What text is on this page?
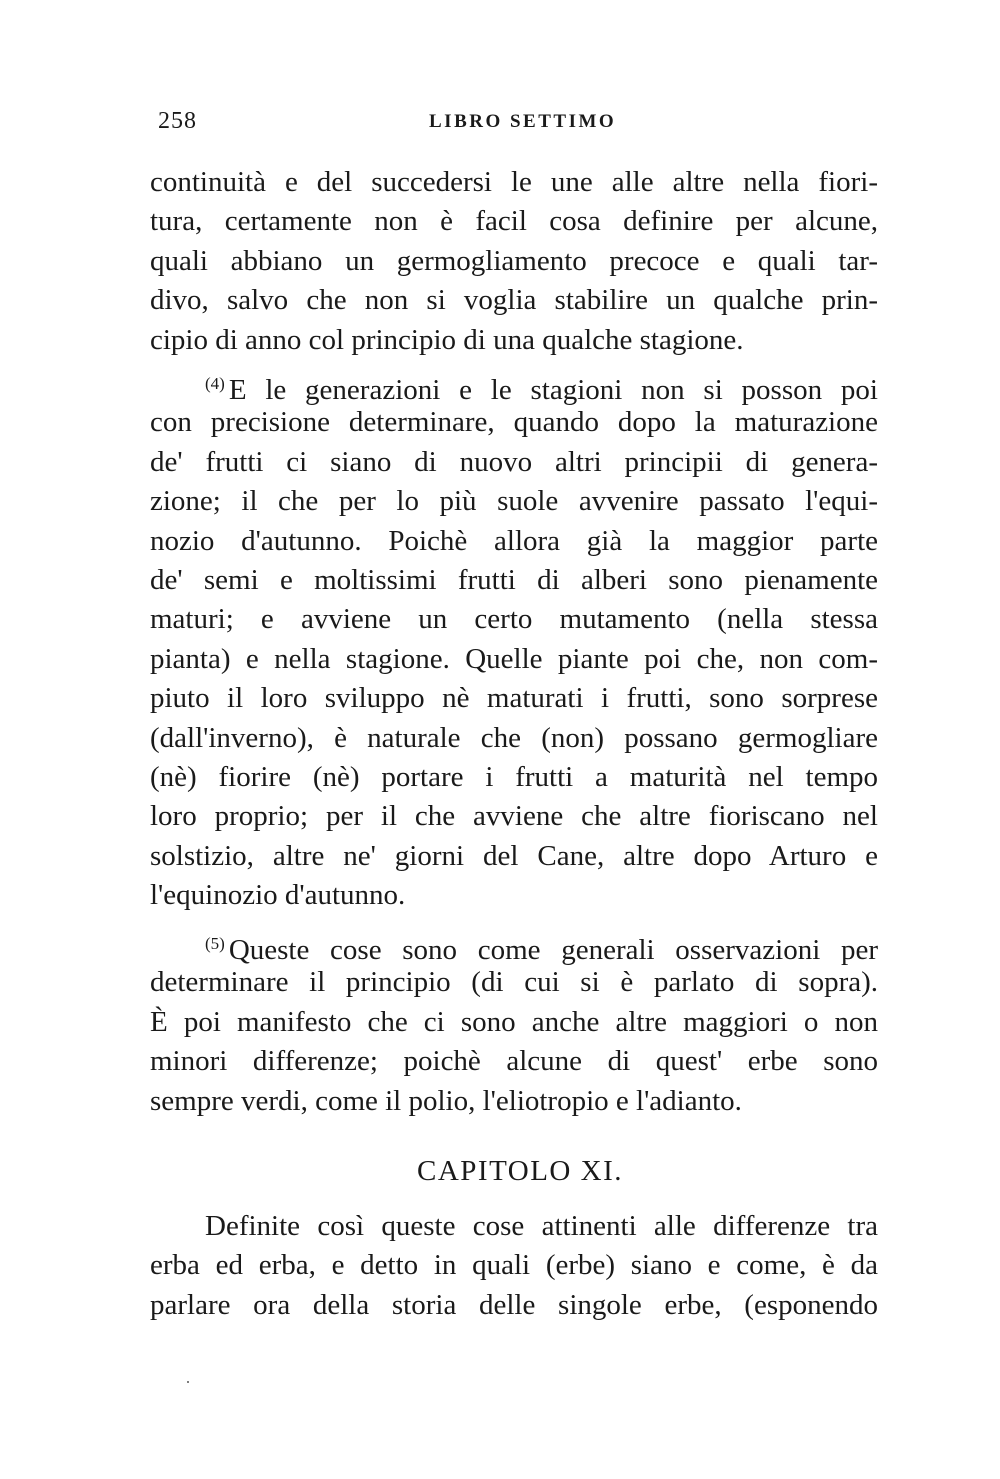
258	LIBRO SETTIMO
continuità e del succedersi le une alle altre nella fiori-
tura, certamente non è facil cosa definire per alcune,
quali abbiano un germogliamento precoce e quali tar-
divo, salvo che non si voglia stabilire un qualche prin-
cipio di anno col principio di una qualche stagione.
$^{(4)}$ E le generazioni e le stagioni non si posson poi
con precisione determinare, quando dopo la maturazione
de' frutti ci siano di nuovo altri principii di genera-
zione; il che per lo più suole avvenire passato l'equi-
nozio d'autunno. Poichè allora già la maggior parte
de' semi e moltissimi frutti di alberi sono pienamente
maturi; e avviene un certo mutamento (nella stessa
pianta) e nella stagione. Quelle piante poi che, non com-
piuto il loro sviluppo nè maturati i frutti, sono sorprese
(dall'inverno), è naturale che (non) possano germogliare
(nè) fiorire (nè) portare i frutti a maturità nel tempo
loro proprio; per il che avviene che altre fioriscano nel
solstizio, altre ne' giorni del Cane, altre dopo Arturo e
l'equinozio d'autunno.
$^{(5)}$ Queste cose sono come generali osservazioni per
determinare il principio (di cui si è parlato di sopra).
È poi manifesto che ci sono anche altre maggiori o non
minori differenze; poichè alcune di quest' erbe sono
sempre verdi, come il polio, l'eliotropio e l'adianto.
CAPITOLO XI.
Definite così queste cose attinenti alle differenze tra
erba ed erba, e detto in quali (erbe) siano e come, è da
parlare ora della storia delle singole erbe, (esponendo
